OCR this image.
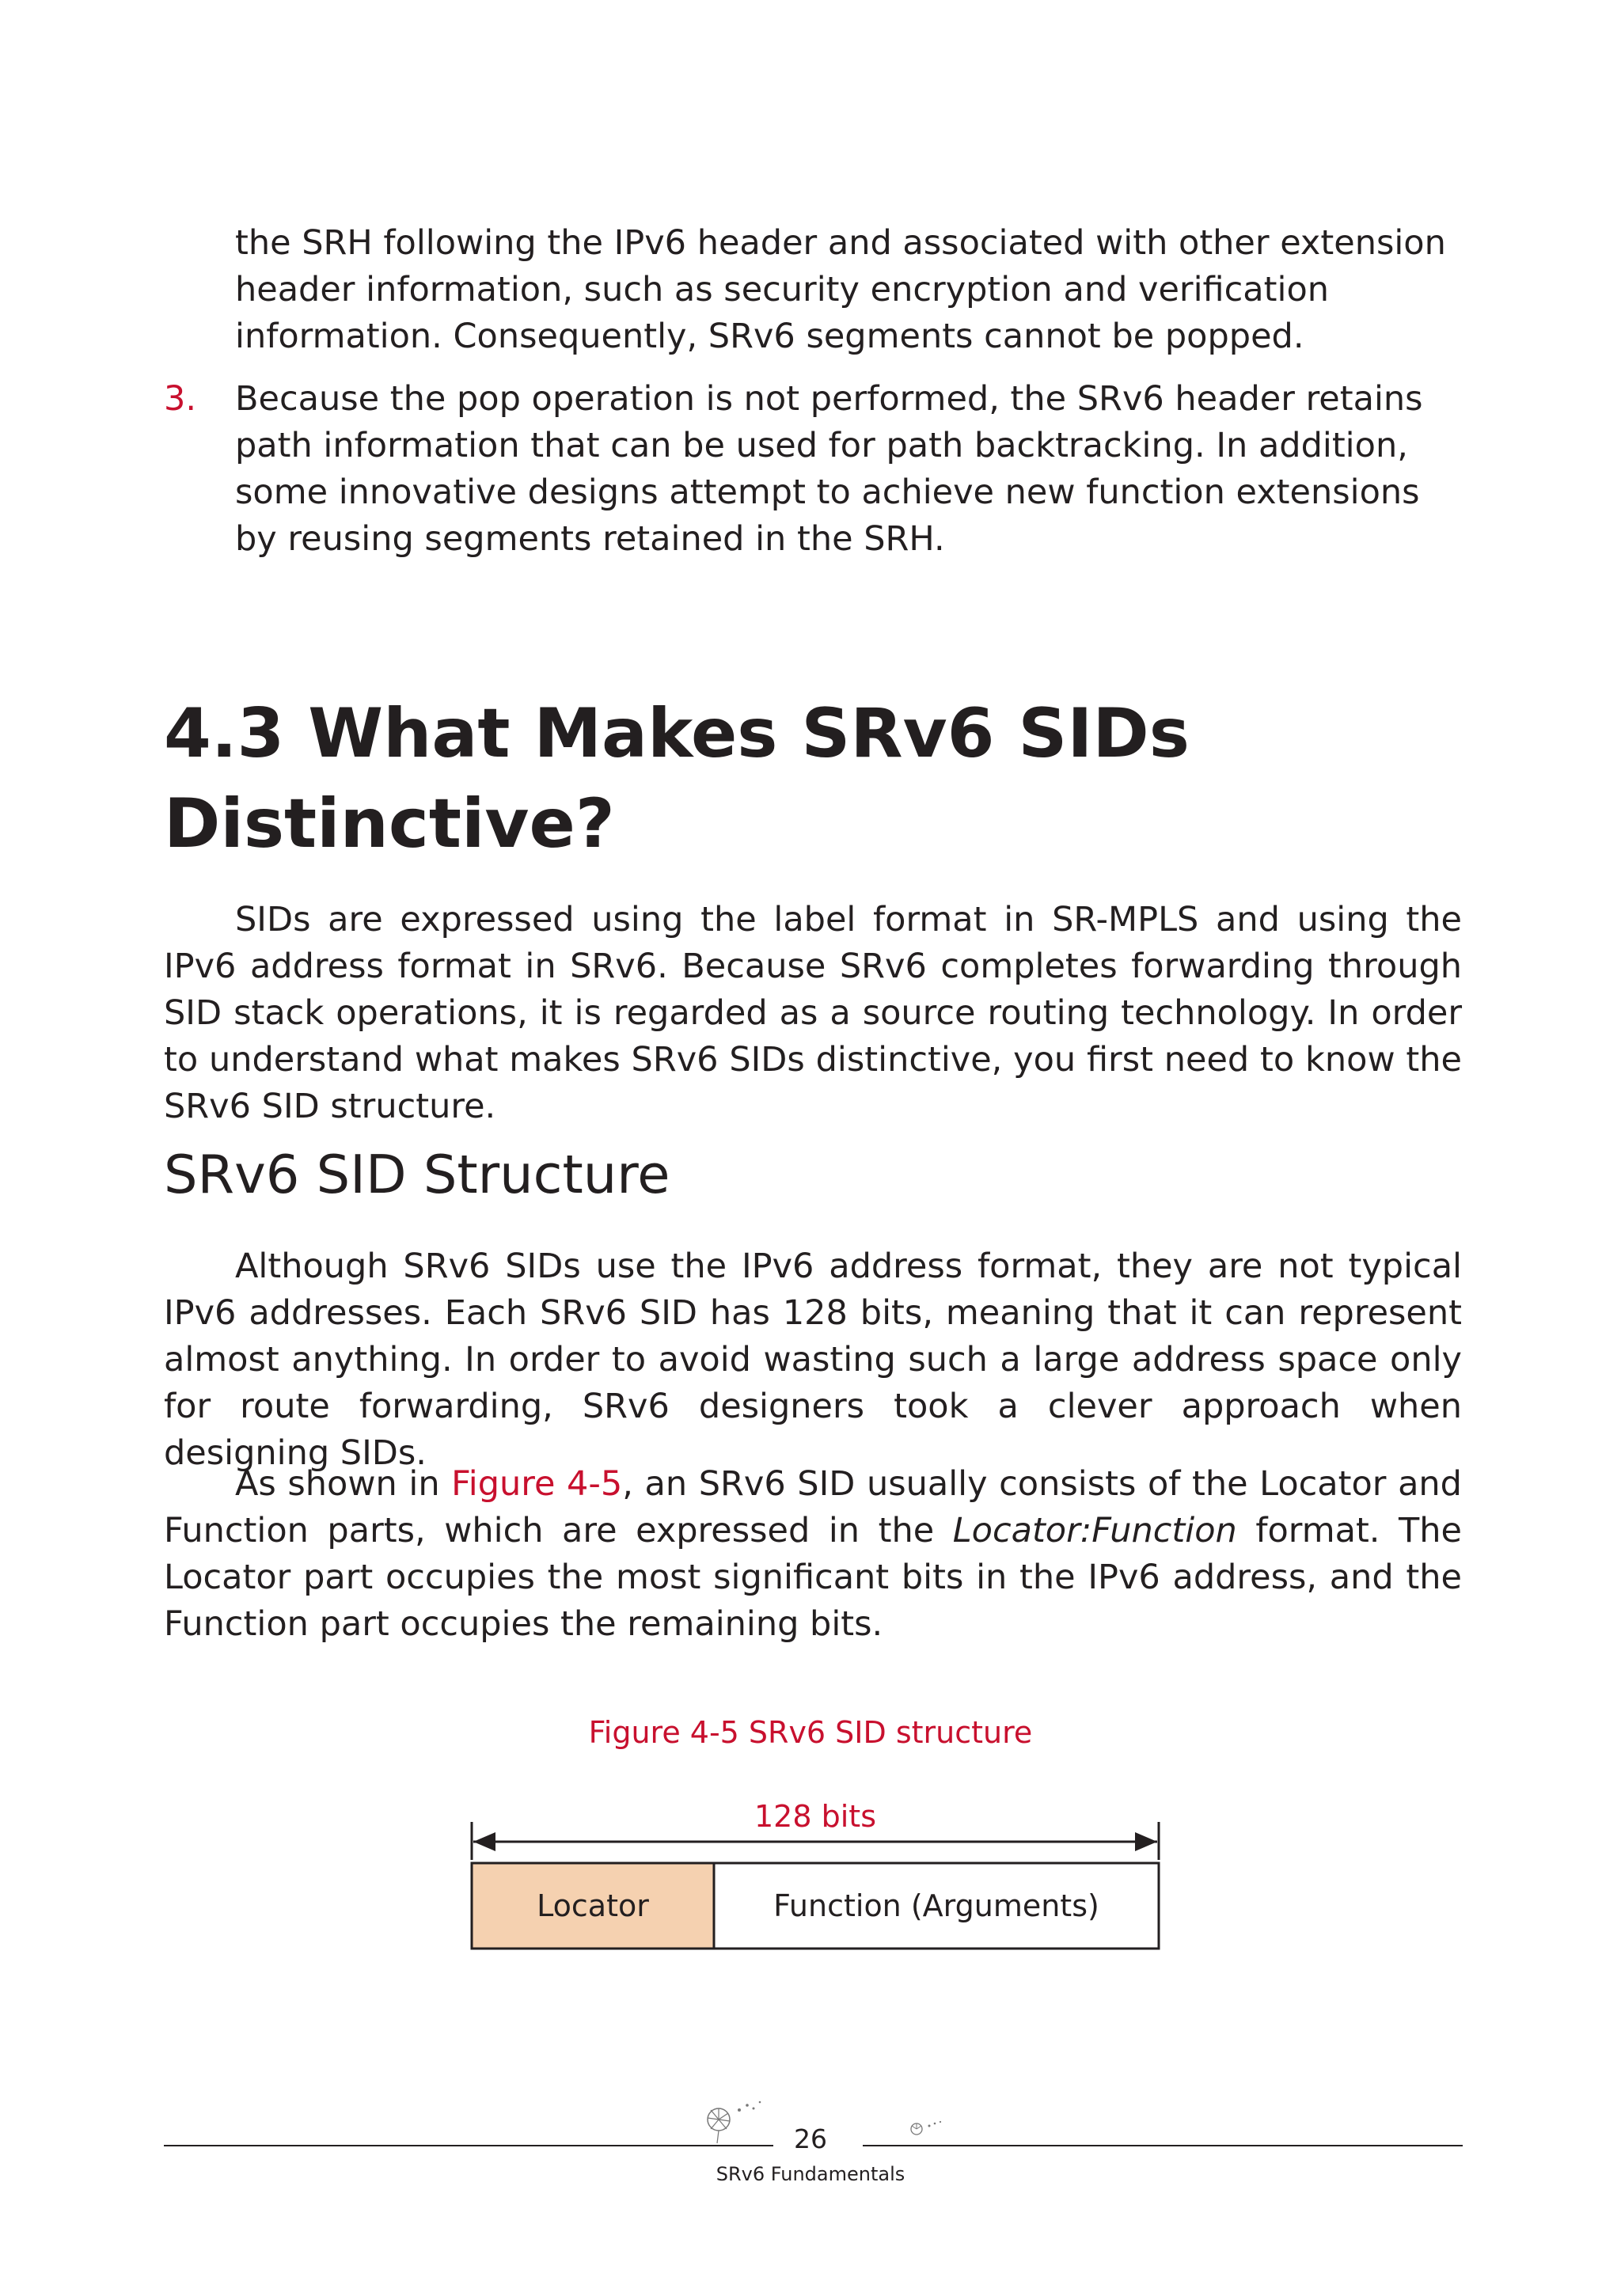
the SRH following the IPv6 header and associated with other extension header information, such as security encryption and verification information. Consequently, SRv6 segments cannot be popped.

3. Because the pop operation is not performed, the SRv6 header retains path information that can be used for path backtracking. In addition, some innovative designs attempt to achieve new function extensions by reusing segments retained in the SRH.
4.3 What Makes SRv6 SIDs Distinctive?

SIDs are expressed using the label format in SR-MPLS and using the IPv6 address format in SRv6. Because SRv6 completes forwarding through SID stack operations, it is regarded as a source routing technology. In order to understand what makes SRv6 SIDs distinctive, you first need to know the SRv6 SID structure.

SRv6 SID Structure

Although SRv6 SIDs use the IPv6 address format, they are not typical IPv6 addresses. Each SRv6 SID has 128 bits, meaning that it can represent almost anything. In order to avoid wasting such a large address space only for route forwarding, SRv6 designers took a clever approach when designing SIDs.

As shown in Figure 4-5, an SRv6 SID usually consists of the Locator and Function parts, which are expressed in the Locator:Function format. The Locator part occupies the most significant bits in the IPv6 address, and the Function part occupies the remaining bits.

Figure 4-5 SRv6 SID structure
128 bits
Locator	Function (Arguments)
26
SRv6 Fundamentals
